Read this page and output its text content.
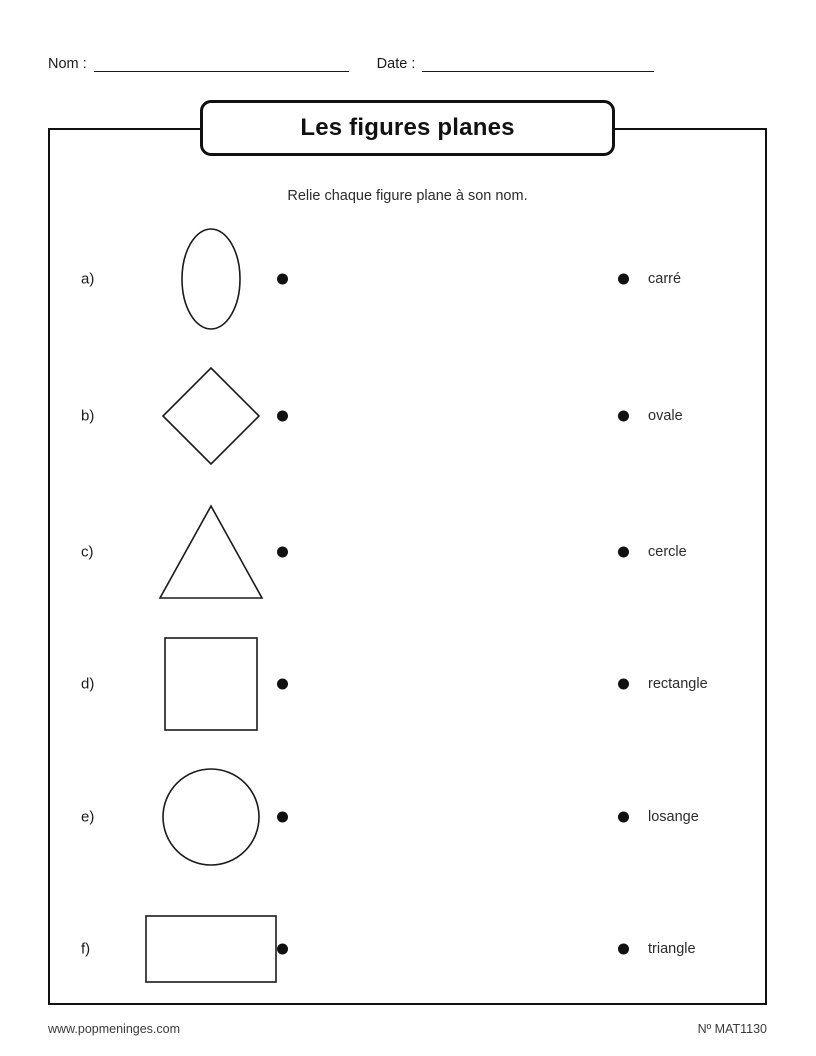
Nom :	Date :
Les figures planes
Relie chaque figure plane à son nom.
a)	carré
b)	ovale
c)	cercle
d)	rectangle
e)	losange
f)	triangle
www.popmeninges.com	Nº MAT1130
